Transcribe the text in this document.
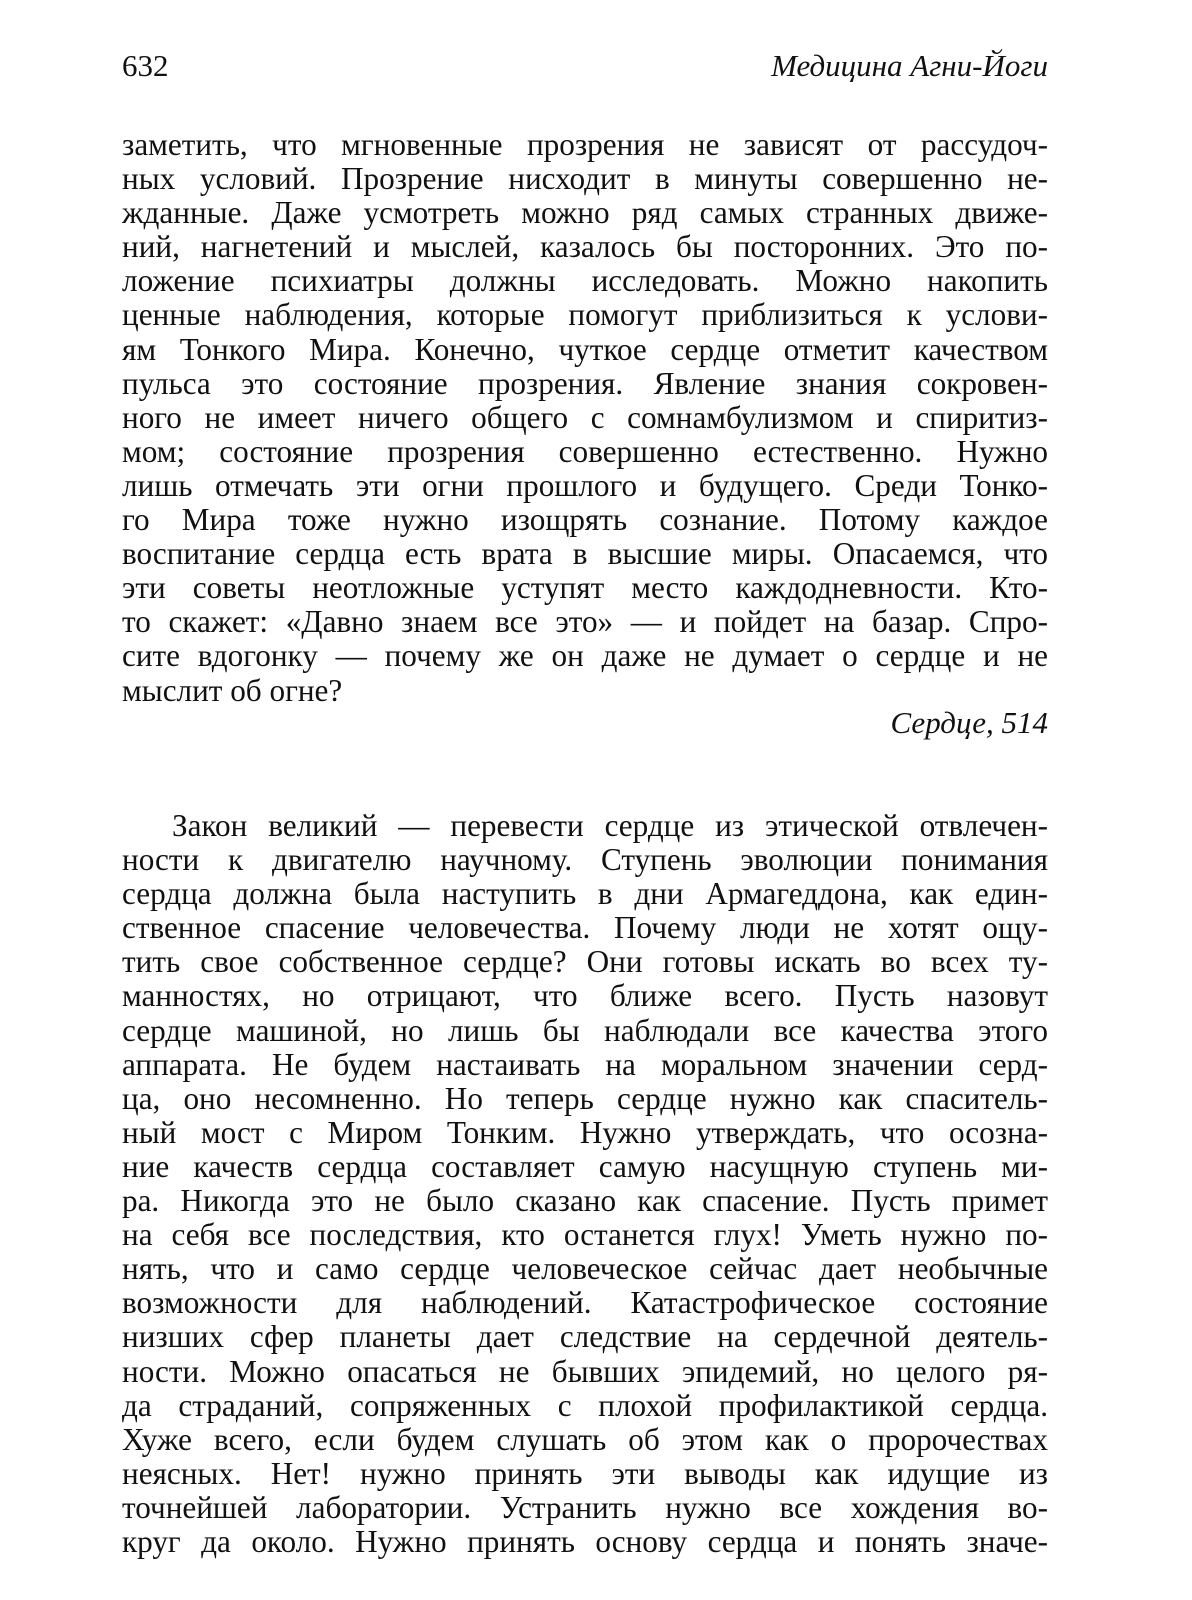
632	Медицина Агни-Йоги
заметить, что мгновенные прозрения не зависят от рассудоч-
ных условий. Прозрение нисходит в минуты совершенно не-
жданные. Даже усмотреть можно ряд самых странных движе-
ний, нагнетений и мыслей, казалось бы посторонних. Это по-
ложение психиатры должны исследовать. Можно накопить
ценные наблюдения, которые помогут приблизиться к услови-
ям Тонкого Мира. Конечно, чуткое сердце отметит качеством
пульса это состояние прозрения. Явление знания сокровен-
ного не имеет ничего общего с сомнамбулизмом и спиритиз-
мом; состояние прозрения совершенно естественно. Нужно
лишь отмечать эти огни прошлого и будущего. Среди Тонко-
го Мира тоже нужно изощрять сознание. Потому каждое
воспитание сердца есть врата в высшие миры. Опасаемся, что
эти советы неотложные уступят место каждодневности. Кто-
то скажет: «Давно знаем все это» — и пойдет на базар. Спро-
сите вдогонку — почему же он даже не думает о сердце и не
мыслит об огне?
Сердце, 514
Закон великий — перевести сердце из этической отвлечен-
ности к двигателю научному. Ступень эволюции понимания
сердца должна была наступить в дни Армагеддона, как един-
ственное спасение человечества. Почему люди не хотят ощу-
тить свое собственное сердце? Они готовы искать во всех ту-
манностях, но отрицают, что ближе всего. Пусть назовут
сердце машиной, но лишь бы наблюдали все качества этого
аппарата. Не будем настаивать на моральном значении серд-
ца, оно несомненно. Но теперь сердце нужно как спаситель-
ный мост с Миром Тонким. Нужно утверждать, что осозна-
ние качеств сердца составляет самую насущную ступень ми-
ра. Никогда это не было сказано как спасение. Пусть примет
на себя все последствия, кто останется глух! Уметь нужно по-
нять, что и само сердце человеческое сейчас дает необычные
возможности для наблюдений. Катастрофическое состояние
низших сфер планеты дает следствие на сердечной деятель-
ности. Можно опасаться не бывших эпидемий, но целого ря-
да страданий, сопряженных с плохой профилактикой сердца.
Хуже всего, если будем слушать об этом как о пророчествах
неясных. Нет! нужно принять эти выводы как идущие из
точнейшей лаборатории. Устранить нужно все хождения во-
круг да около. Нужно принять основу сердца и понять значе-
